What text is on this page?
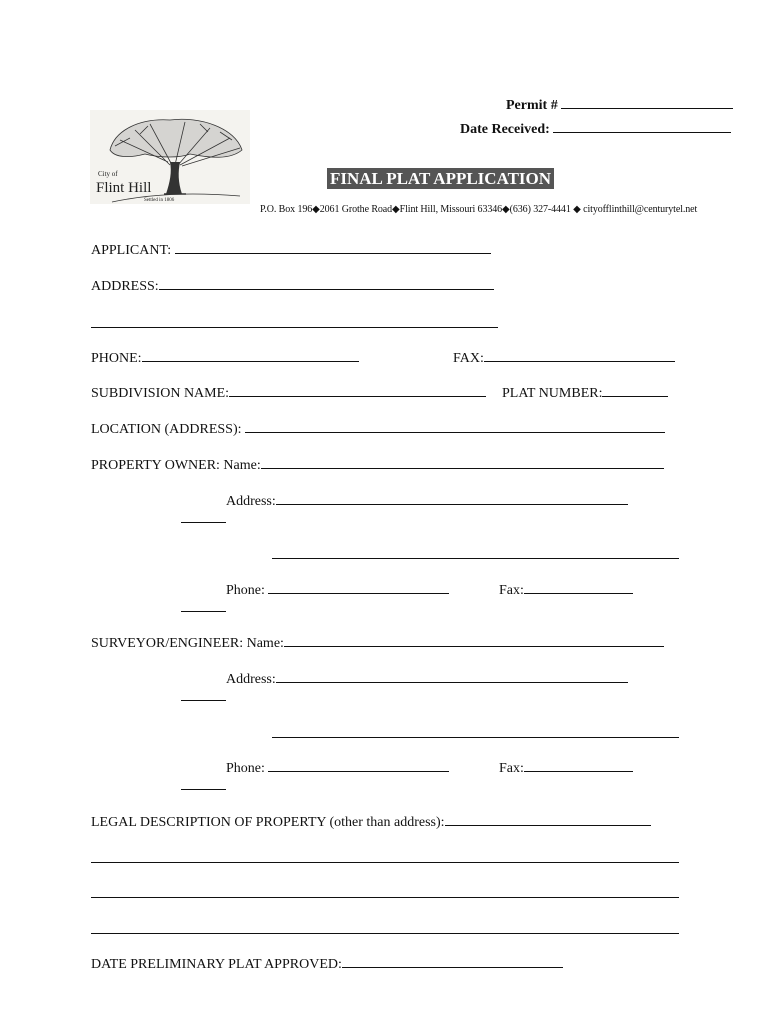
Permit #
Date Received:
City of
Flint Hill
Settled in 1806
FINAL PLAT APPLICATION
P.O. Box 196◆2061 Grothe Road◆Flint Hill, Missouri 63346◆(636) 327-4441 ◆ cityofflinthill@centurytel.net
APPLICANT:
ADDRESS:
PHONE:	FAX:
SUBDIVISION NAME:	PLAT NUMBER:
LOCATION (ADDRESS):
PROPERTY OWNER: Name:
Address:
Phone:	Fax:
SURVEYOR/ENGINEER: Name:
Address:
Phone:	Fax:
LEGAL DESCRIPTION OF PROPERTY (other than address):
DATE PRELIMINARY PLAT APPROVED:
